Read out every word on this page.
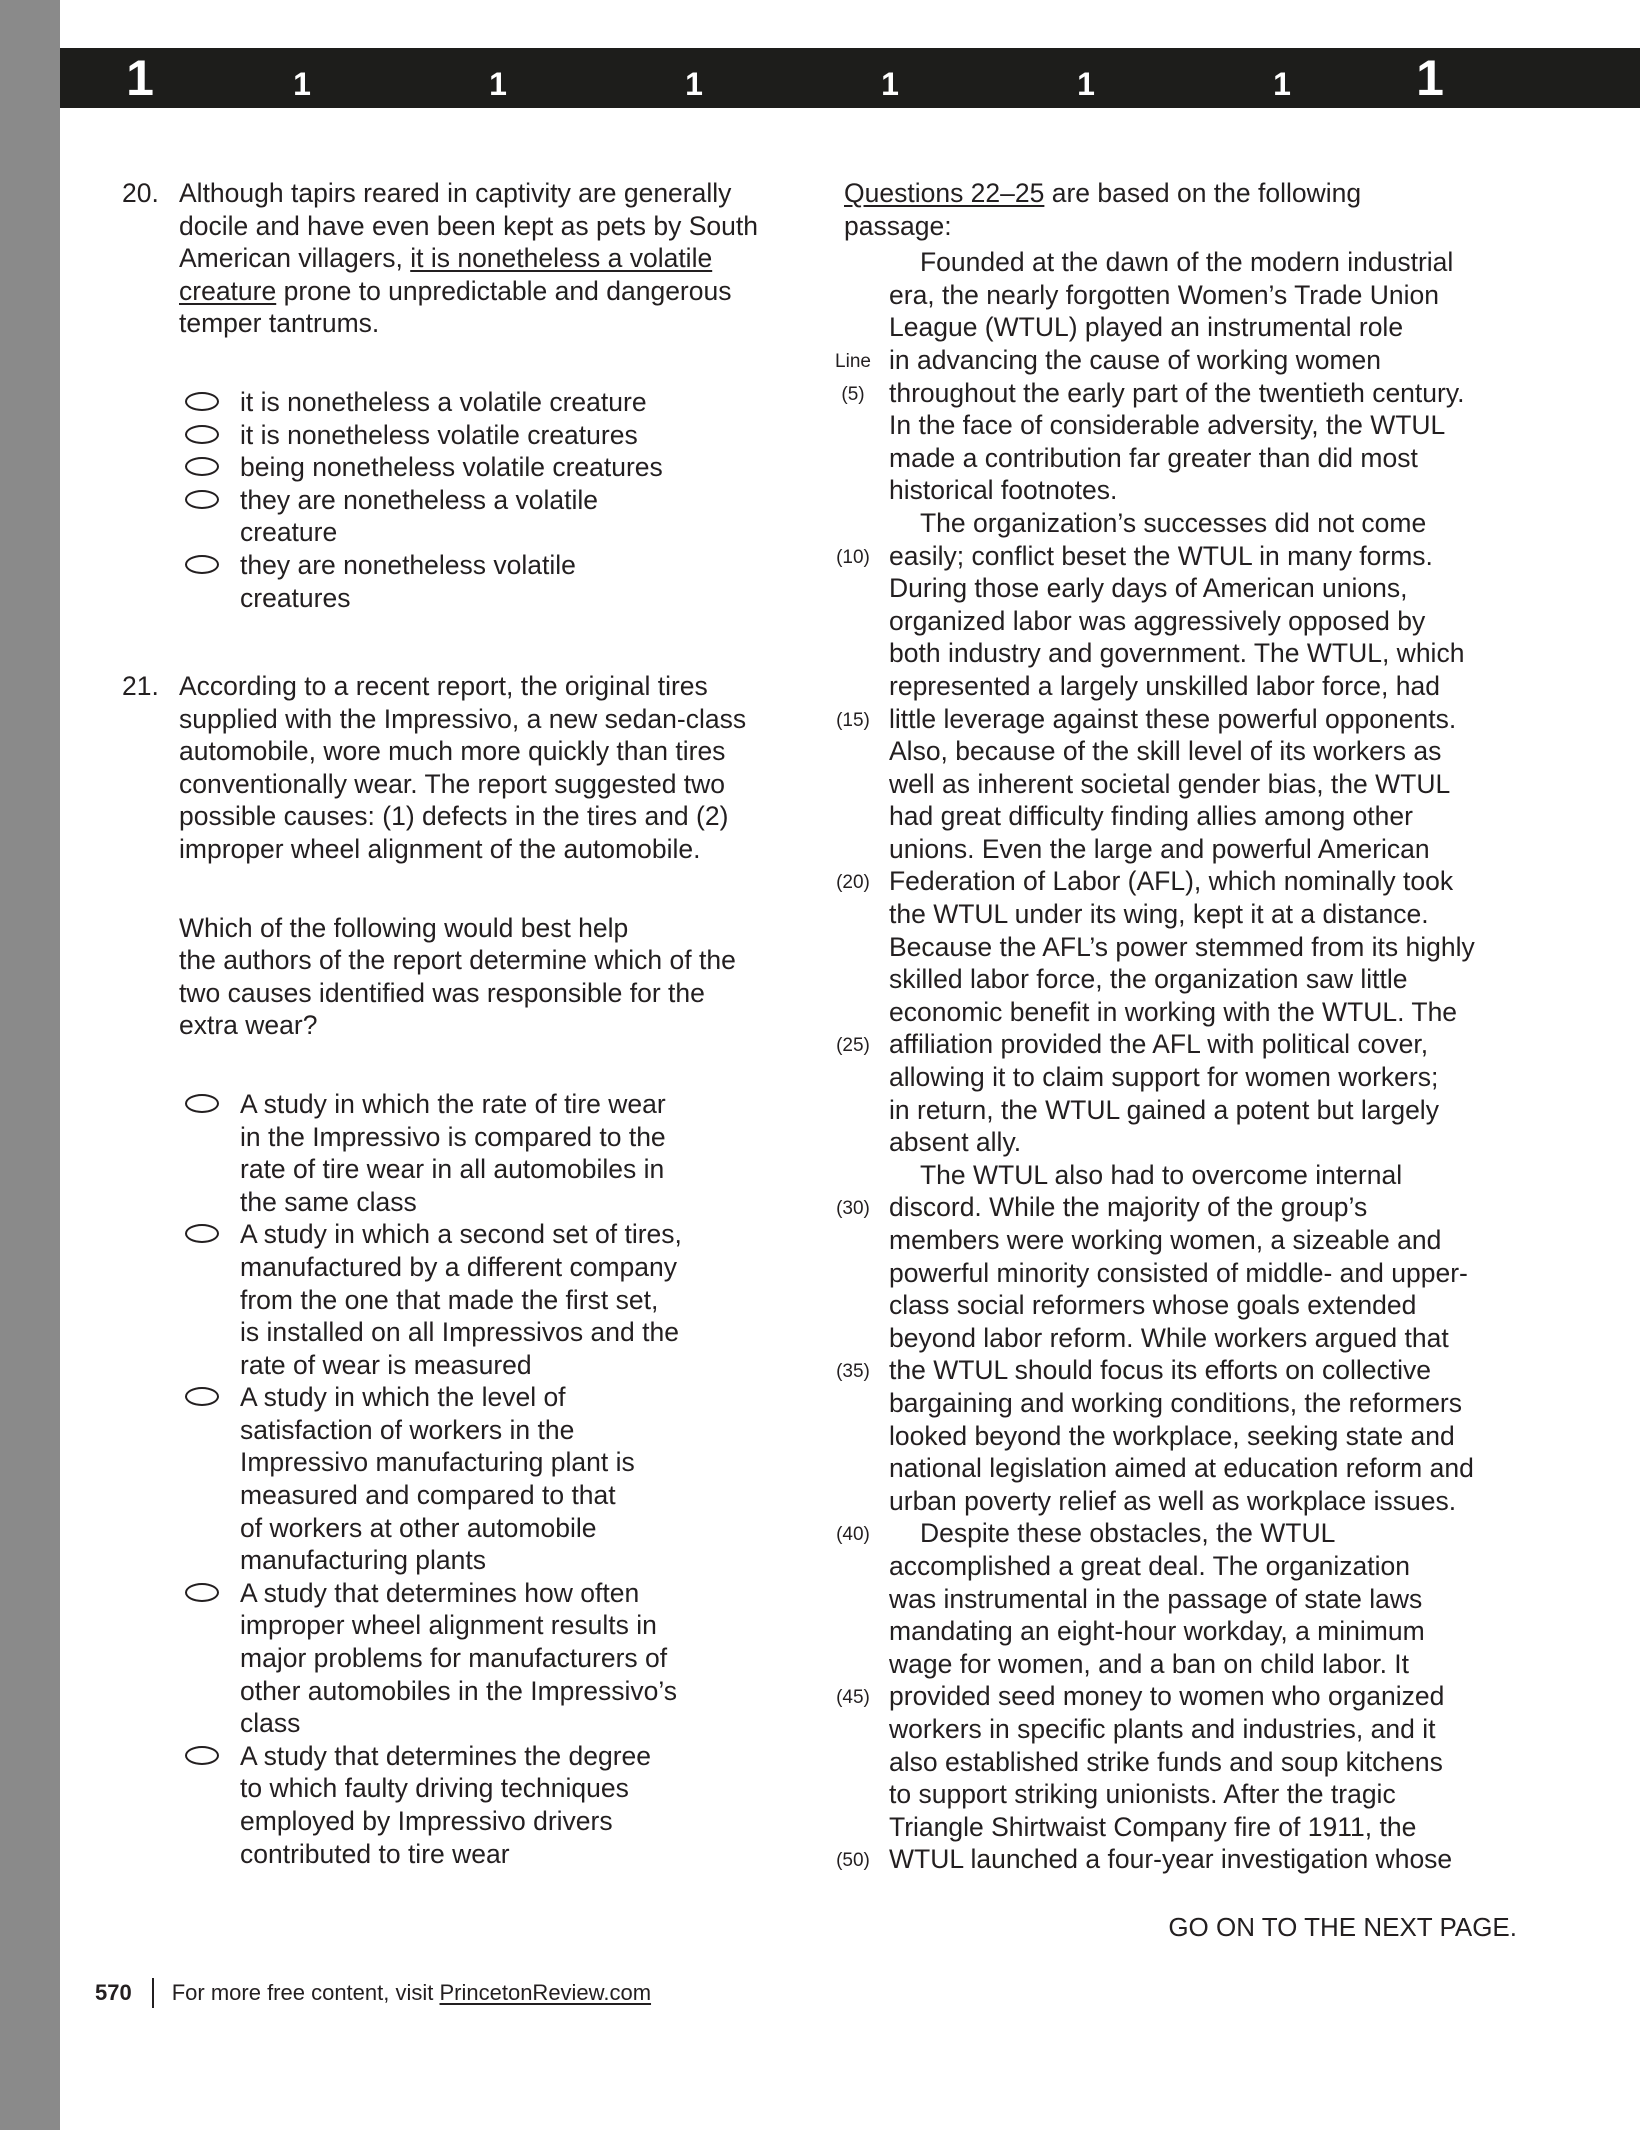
1	1	1	1	1	1	1	1
20. Although tapirs reared in captivity are generally docile and have even been kept as pets by South American villagers, it is nonetheless a volatile creature prone to unpredictable and dangerous temper tantrums.
it is nonetheless a volatile creature
it is nonetheless volatile creatures
being nonetheless volatile creatures
they are nonetheless a volatile
creature
they are nonetheless volatile
creatures
21. According to a recent report, the original tires
supplied with the Impressivo, a new sedan-class
automobile, wore much more quickly than tires
conventionally wear. The report suggested two
possible causes: (1) defects in the tires and (2)
improper wheel alignment of the automobile.
Which of the following would best help
the authors of the report determine which of the
two causes identified was responsible for the
extra wear?
A study in which the rate of tire wear
in the Impressivo is compared to the
rate of tire wear in all automobiles in
the same class
A study in which a second set of tires,
manufactured by a different company
from the one that made the first set,
is installed on all Impressivos and the
rate of wear is measured
A study in which the level of
satisfaction of workers in the
Impressivo manufacturing plant is
measured and compared to that
of workers at other automobile
manufacturing plants
A study that determines how often
improper wheel alignment results in
major problems for manufacturers of
other automobiles in the Impressivo’s
class
A study that determines the degree
to which faulty driving techniques
employed by Impressivo drivers
contributed to tire wear
Questions 22–25 are based on the following
passage:
Founded at the dawn of the modern industrial
era, the nearly forgotten Women’s Trade Union
League (WTUL) played an instrumental role
Line in advancing the cause of working women
(5) throughout the early part of the twentieth century.
In the face of considerable adversity, the WTUL
made a contribution far greater than did most
historical footnotes.
The organization’s successes did not come
(10) easily; conflict beset the WTUL in many forms.
During those early days of American unions,
organized labor was aggressively opposed by
both industry and government. The WTUL, which
represented a largely unskilled labor force, had
(15) little leverage against these powerful opponents.
Also, because of the skill level of its workers as
well as inherent societal gender bias, the WTUL
had great difficulty finding allies among other
unions. Even the large and powerful American
(20) Federation of Labor (AFL), which nominally took
the WTUL under its wing, kept it at a distance.
Because the AFL’s power stemmed from its highly
skilled labor force, the organization saw little
economic benefit in working with the WTUL. The
(25) affiliation provided the AFL with political cover,
allowing it to claim support for women workers;
in return, the WTUL gained a potent but largely
absent ally.
The WTUL also had to overcome internal
(30) discord. While the majority of the group’s
members were working women, a sizeable and
powerful minority consisted of middle- and upper-
class social reformers whose goals extended
beyond labor reform. While workers argued that
(35) the WTUL should focus its efforts on collective
bargaining and working conditions, the reformers
looked beyond the workplace, seeking state and
national legislation aimed at education reform and
urban poverty relief as well as workplace issues.
(40) Despite these obstacles, the WTUL
accomplished a great deal. The organization
was instrumental in the passage of state laws
mandating an eight-hour workday, a minimum
wage for women, and a ban on child labor. It
(45) provided seed money to women who organized
workers in specific plants and industries, and it
also established strike funds and soup kitchens
to support striking unionists. After the tragic
Triangle Shirtwaist Company fire of 1911, the
(50) WTUL launched a four-year investigation whose
GO ON TO THE NEXT PAGE.
570 For more free content, visit PrincetonReview.com
